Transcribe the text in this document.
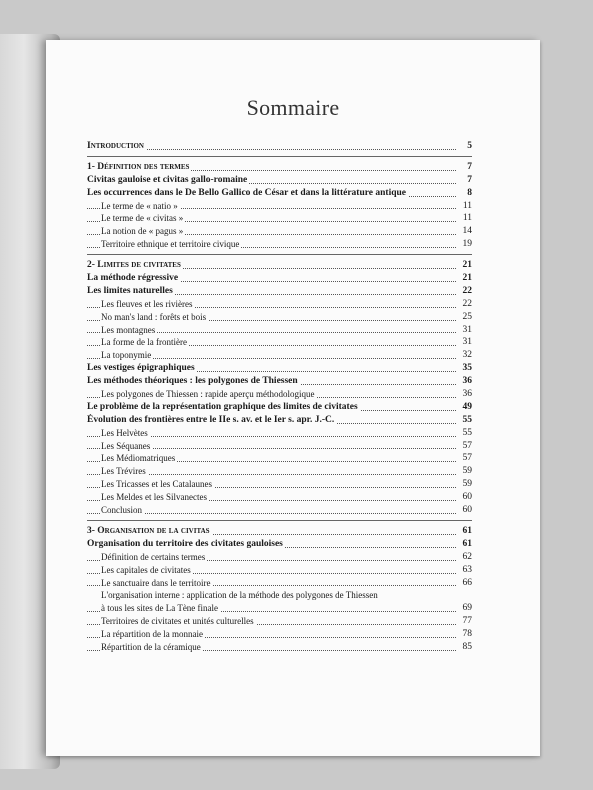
Sommaire
Introduction	5
1- Définition des termes	7
Civitas gauloise et civitas gallo-romaine	7
Les occurrences dans le De Bello Gallico de César et dans la littérature antique	8
Le terme de « natio »	11
Le terme de « civitas »	11
La notion de « pagus »	14
Territoire ethnique et territoire civique	19
2- Limites de civitates	21
La méthode régressive	21
Les limites naturelles	22
Les fleuves et les rivières	22
No man's land : forêts et bois	25
Les montagnes	31
La forme de la frontière	31
La toponymie	32
Les vestiges épigraphiques	35
Les méthodes théoriques : les polygones de Thiessen	36
Les polygones de Thiessen : rapide aperçu méthodologique	36
Le problème de la représentation graphique des limites de civitates	49
Évolution des frontières entre le IIe s. av. et le Ier s. apr. J.-C.	55
Les Helvètes	55
Les Séquanes	57
Les Médiomatriques	57
Les Trévires	59
Les Tricasses et les Catalaunes	59
Les Meldes et les Silvanectes	60
Conclusion	60
3- Organisation de la civitas	61
Organisation du territoire des civitates gauloises	61
Définition de certains termes	62
Les capitales de civitates	63
Le sanctuaire dans le territoire	66
L'organisation interne : application de la méthode des polygones de Thiessen
à tous les sites de La Tène finale	69
Territoires de civitates et unités culturelles	77
La répartition de la monnaie	78
Répartition de la céramique	85
